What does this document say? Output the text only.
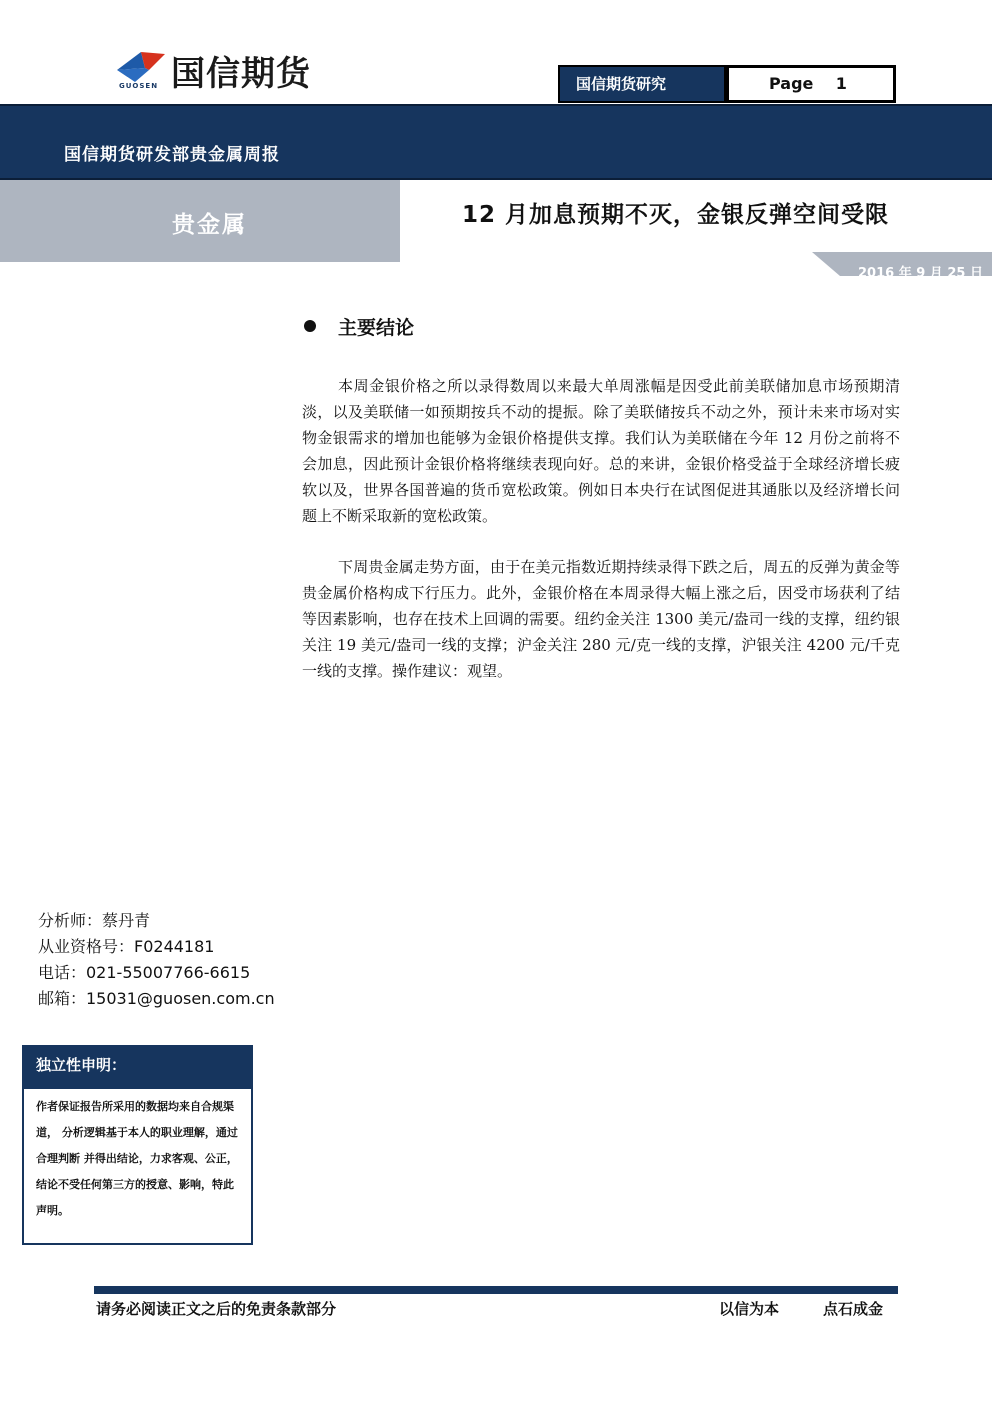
国信期货
GUOSEN	国信期货研究	Page 1
国信期货研发部贵金属周报
贵金属	12 月加息预期不灭，金银反弹空间受限
2016 年 9 月 25 日
主要结论
本周金银价格之所以录得数周以来最大单周涨幅是因受此前美联储加息市场预期清淡，以及美联储一如预期按兵不动的提振。除了美联储按兵不动之外，预计未来市场对实物金银需求的增加也能够为金银价格提供支撑。我们认为美联储在今年 12 月份之前将不会加息，因此预计金银价格将继续表现向好。总的来讲，金银价格受益于全球经济增长疲软以及，世界各国普遍的货币宽松政策。例如日本央行在试图促进其通胀以及经济增长问题上不断采取新的宽松政策。
下周贵金属走势方面，由于在美元指数近期持续录得下跌之后，周五的反弹为黄金等贵金属价格构成下行压力。此外，金银价格在本周录得大幅上涨之后，因受市场获利了结等因素影响，也存在技术上回调的需要。纽约金关注 1300 美元/盎司一线的支撑，纽约银关注 19 美元/盎司一线的支撑；沪金关注 280 元/克一线的支撑，沪银关注 4200 元/千克一线的支撑。操作建议：观望。
分析师：蔡丹青
从业资格号：F0244181
电话：021-55007766-6615
邮箱：15031@guosen.com.cn
独立性申明：
作者保证报告所采用的数据均来自合规渠道， 分析逻辑基于本人的职业理解，通过合理判断 并得出结论，力求客观、公正，结论不受任何第三方的授意、影响，特此声明。
请务必阅读正文之后的免责条款部分	以信为本	点石成金
